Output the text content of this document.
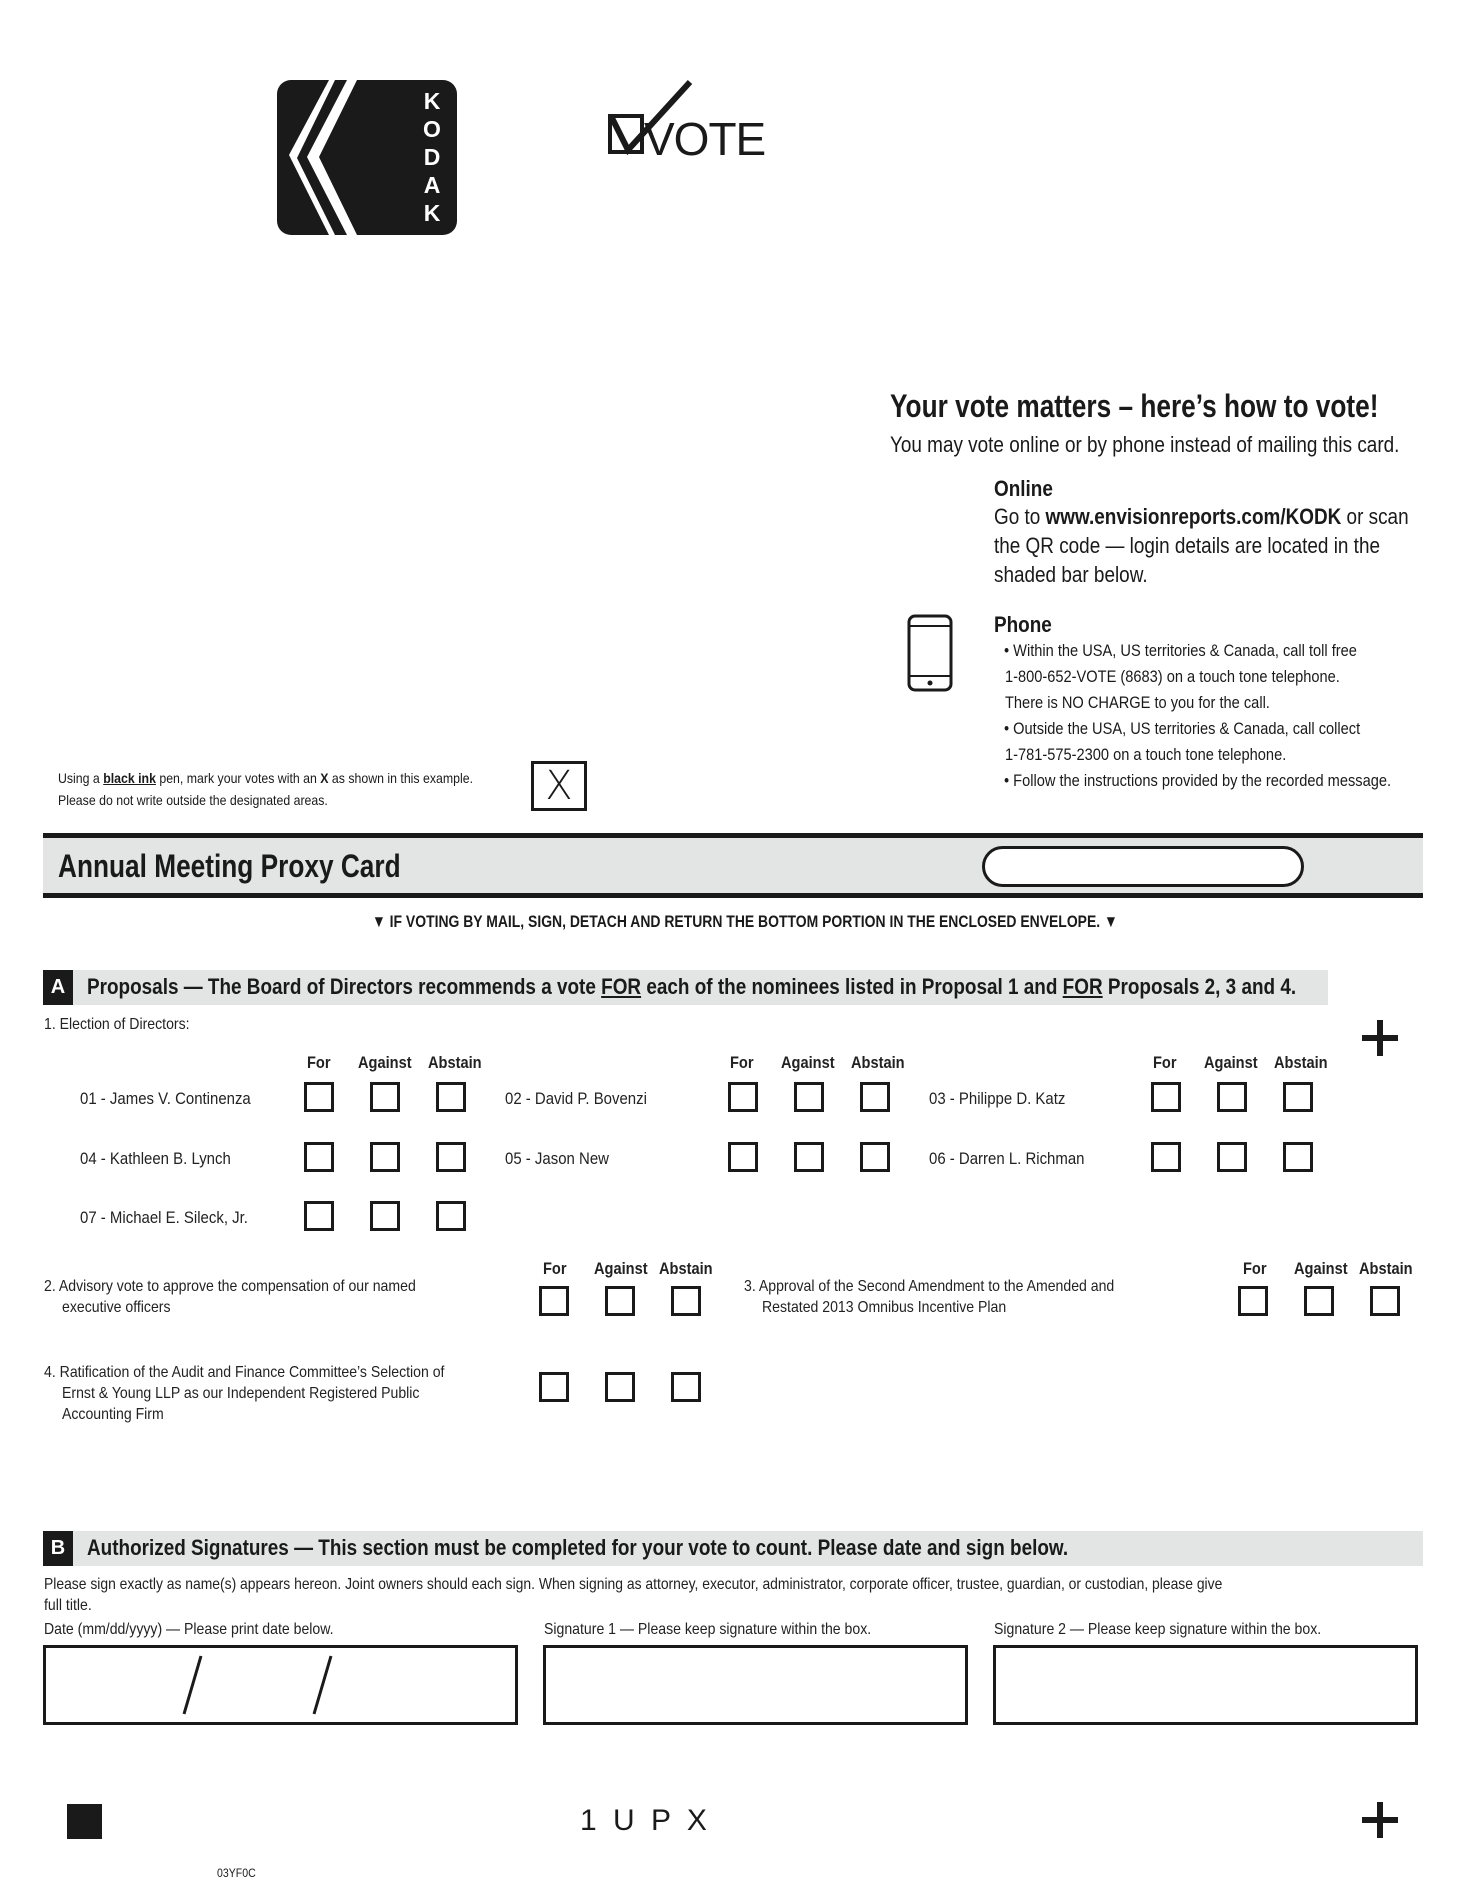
KODAK	VOTE
Your vote matters – here’s how to vote!
You may vote online or by phone instead of mailing this card.
Online
Go to www.envisionreports.com/KODK or scan
the QR code — login details are located in the
shaded bar below.
Phone
• Within the USA, US territories & Canada, call toll free
1-800-652-VOTE (8683) on a touch tone telephone.
There is NO CHARGE to you for the call.
• Outside the USA, US territories & Canada, call collect
1-781-575-2300 on a touch tone telephone.
• Follow the instructions provided by the recorded message.
Using a black ink pen, mark your votes with an X as shown in this example.
Please do not write outside the designated areas.	X
Annual Meeting Proxy Card
▼ IF VOTING BY MAIL, SIGN, DETACH AND RETURN THE BOTTOM PORTION IN THE ENCLOSED ENVELOPE. ▼
A Proposals — The Board of Directors recommends a vote FOR each of the nominees listed in Proposal 1 and FOR Proposals 2, 3 and 4.
1. Election of Directors:
For Against Abstain	For Against Abstain	For Against Abstain
01 - James V. Continenza	02 - David P. Bovenzi	03 - Philippe D. Katz
04 - Kathleen B. Lynch	05 - Jason New	06 - Darren L. Richman
07 - Michael E. Sileck, Jr.
For Against Abstain
2. Advisory vote to approve the compensation of our named
executive officers
For Against Abstain
3. Approval of the Second Amendment to the Amended and
Restated 2013 Omnibus Incentive Plan
4. Ratification of the Audit and Finance Committee’s Selection of
Ernst & Young LLP as our Independent Registered Public
Accounting Firm
B Authorized Signatures — This section must be completed for your vote to count. Please date and sign below.
Please sign exactly as name(s) appears hereon. Joint owners should each sign. When signing as attorney, executor, administrator, corporate officer, trustee, guardian, or custodian, please give
full title.
Date (mm/dd/yyyy) — Please print date below.	Signature 1 — Please keep signature within the box.	Signature 2 — Please keep signature within the box.
1 U P X
03YF0C
